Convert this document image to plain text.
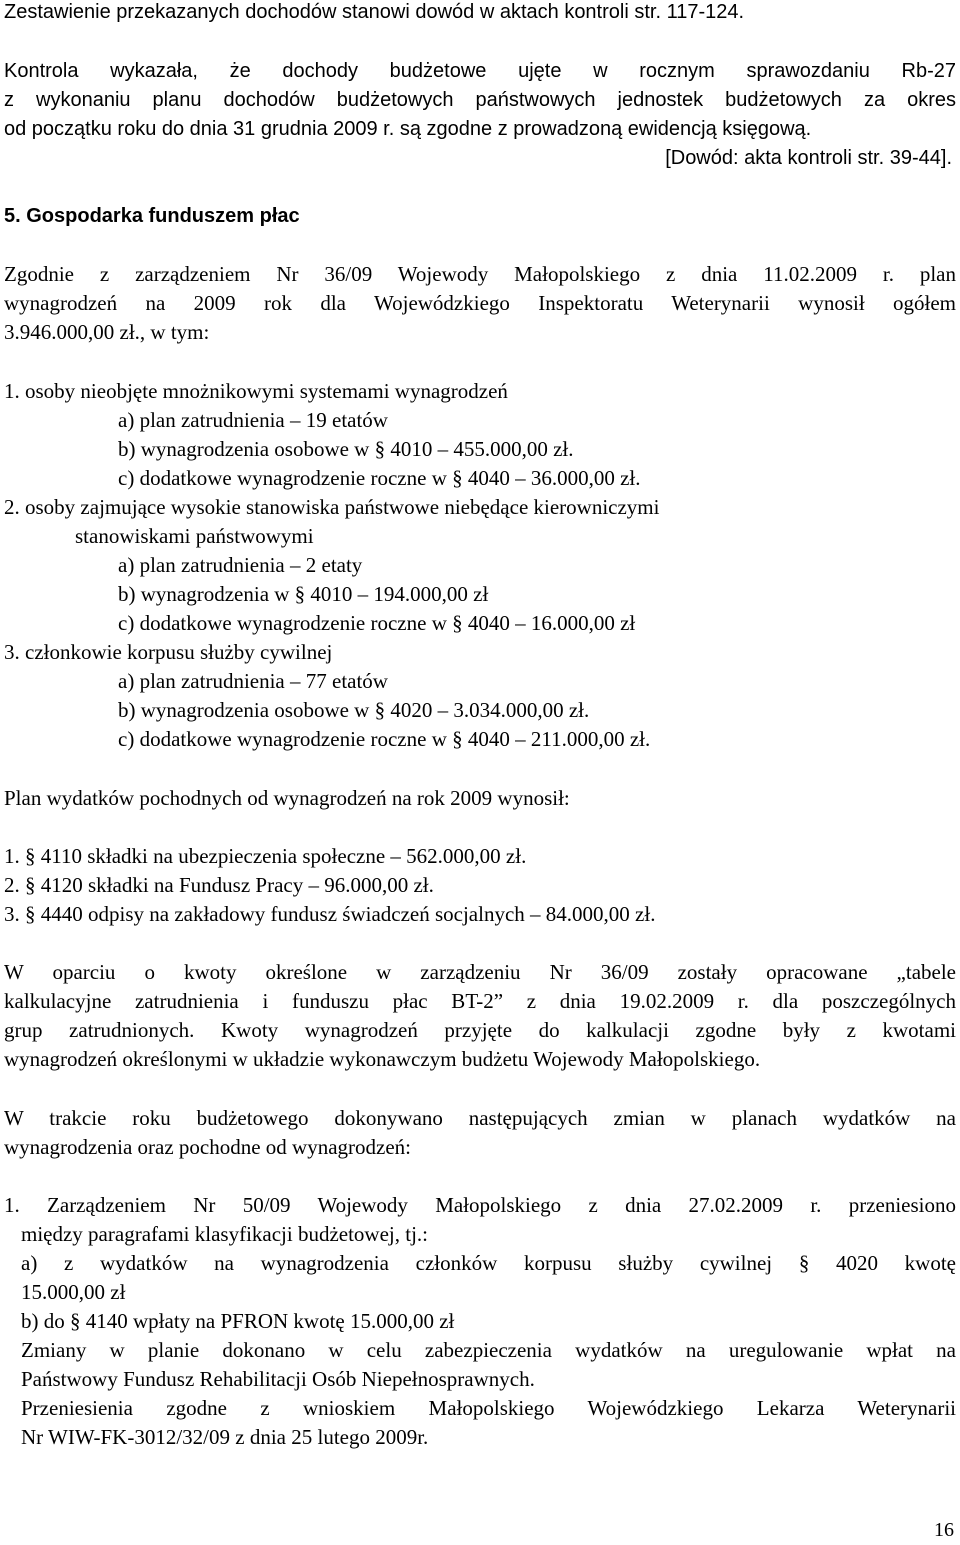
Zestawienie przekazanych dochodów stanowi dowód w aktach kontroli str. 117-124.
Kontrola wykazała, że dochody budżetowe ujęte w rocznym sprawozdaniu Rb-27
z wykonaniu planu dochodów budżetowych państwowych jednostek budżetowych za okres
od początku roku do dnia 31 grudnia 2009 r. są zgodne z prowadzoną ewidencją księgową.
[Dowód: akta kontroli str. 39-44].
5. Gospodarka funduszem płac
Zgodnie z zarządzeniem Nr 36/09 Wojewody Małopolskiego z dnia 11.02.2009 r. plan
wynagrodzeń na 2009 rok dla Wojewódzkiego Inspektoratu Weterynarii wynosił ogółem
3.946.000,00 zł., w tym:
1. osoby nieobjęte mnożnikowymi systemami wynagrodzeń
a) plan zatrudnienia – 19 etatów
b) wynagrodzenia osobowe w § 4010 – 455.000,00 zł.
c) dodatkowe wynagrodzenie roczne w § 4040 – 36.000,00 zł.
2. osoby zajmujące wysokie stanowiska państwowe niebędące kierowniczymi
stanowiskami państwowymi
a) plan zatrudnienia – 2 etaty
b) wynagrodzenia w § 4010 – 194.000,00 zł
c) dodatkowe wynagrodzenie roczne w § 4040 – 16.000,00 zł
3. członkowie korpusu służby cywilnej
a) plan zatrudnienia – 77 etatów
b) wynagrodzenia osobowe w § 4020 – 3.034.000,00 zł.
c) dodatkowe wynagrodzenie roczne w § 4040 – 211.000,00 zł.
Plan wydatków pochodnych od wynagrodzeń na rok 2009 wynosił:
1. § 4110 składki na ubezpieczenia społeczne – 562.000,00 zł.
2. § 4120 składki na Fundusz Pracy – 96.000,00 zł.
3. § 4440 odpisy na zakładowy fundusz świadczeń socjalnych – 84.000,00 zł.
W oparciu o kwoty określone w zarządzeniu Nr 36/09 zostały opracowane „tabele
kalkulacyjne zatrudnienia i funduszu płac BT-2” z dnia 19.02.2009 r. dla poszczególnych
grup zatrudnionych. Kwoty wynagrodzeń przyjęte do kalkulacji zgodne były z kwotami
wynagrodzeń określonymi w układzie wykonawczym budżetu Wojewody Małopolskiego.
W trakcie roku budżetowego dokonywano następujących zmian w planach wydatków na
wynagrodzenia oraz pochodne od wynagrodzeń:
1. Zarządzeniem Nr 50/09 Wojewody Małopolskiego z dnia 27.02.2009 r. przeniesiono
między paragrafami klasyfikacji budżetowej, tj.:
a) z wydatków na wynagrodzenia członków korpusu służby cywilnej § 4020 kwotę
15.000,00 zł
b) do § 4140 wpłaty na PFRON kwotę 15.000,00 zł
Zmiany w planie dokonano w celu zabezpieczenia wydatków na uregulowanie wpłat na
Państwowy Fundusz Rehabilitacji Osób Niepełnosprawnych.
Przeniesienia zgodne z wnioskiem Małopolskiego Wojewódzkiego Lekarza Weterynarii
Nr WIW-FK-3012/32/09 z dnia 25 lutego 2009r.
16
